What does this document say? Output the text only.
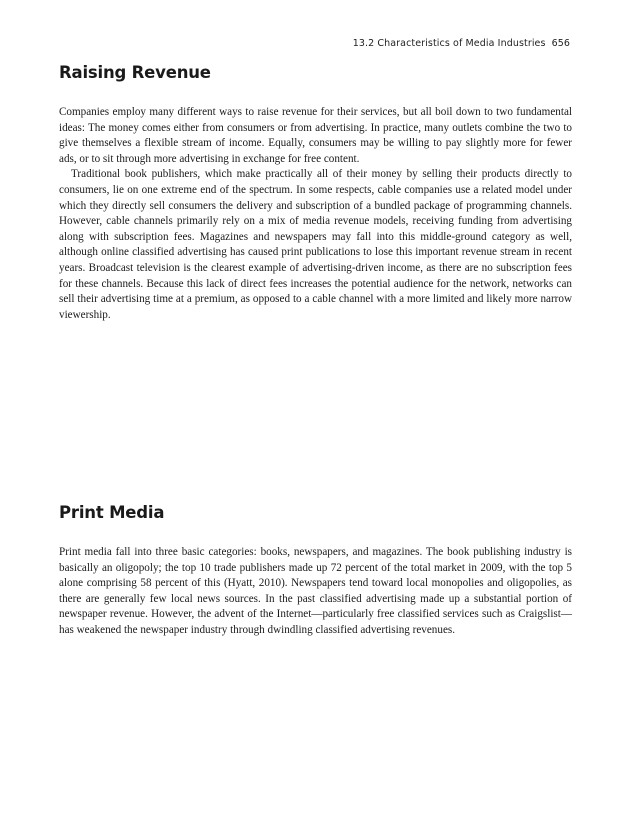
13.2 Characteristics of Media Industries 656
Raising Revenue

Companies employ many different ways to raise revenue for their services, but all boil down to two fundamental ideas: The money comes either from consumers or from advertising. In practice, many outlets combine the two to give themselves a flexible stream of income. Equally, consumers may be willing to pay slightly more for fewer ads, or to sit through more advertising in exchange for free content.

Traditional book publishers, which make practically all of their money by selling their products directly to consumers, lie on one extreme end of the spectrum. In some respects, cable companies use a related model under which they directly sell consumers the delivery and subscription of a bundled package of programming channels. However, cable channels primarily rely on a mix of media revenue models, receiving funding from advertising along with subscription fees. Magazines and newspapers may fall into this middle-ground category as well, although online classified advertising has caused print publications to lose this important revenue stream in recent years. Broadcast television is the clearest example of advertising-driven income, as there are no subscription fees for these channels. Because this lack of direct fees increases the potential audience for the network, networks can sell their advertising time at a premium, as opposed to a cable channel with a more limited and likely more narrow viewership.

Print Media

Print media fall into three basic categories: books, newspapers, and magazines. The book publishing industry is basically an oligopoly; the top 10 trade publishers made up 72 percent of the total market in 2009, with the top 5 alone comprising 58 percent of this (Hyatt, 2010). Newspapers tend toward local monopolies and oligopolies, as there are generally few local news sources. In the past classified advertising made up a substantial portion of newspaper revenue. However, the advent of the Internet—particularly free classified services such as Craigslist—has weakened the newspaper industry through dwindling classified advertising revenues.
